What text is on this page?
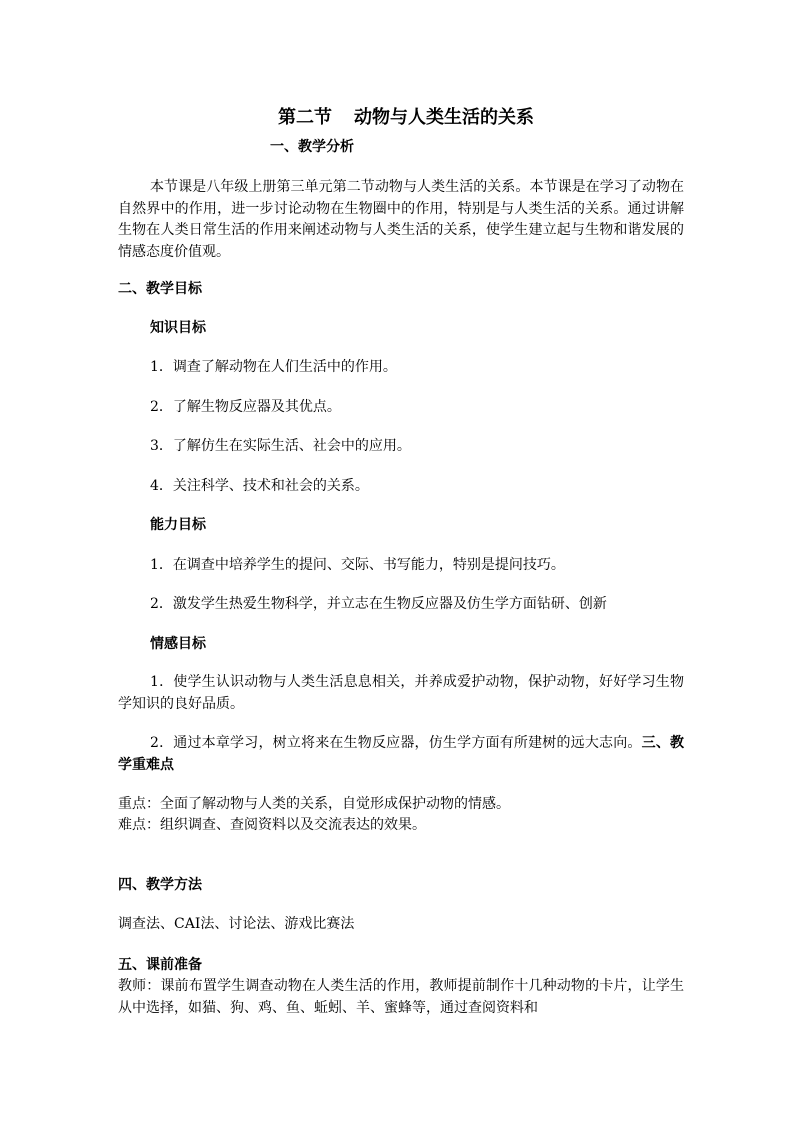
第二节 动物与人类生活的关系
一、教学分析
本节课是八年级上册第三单元第二节动物与人类生活的关系。本节课是在学习了动物在自然界中的作用，进一步讨论动物在生物圈中的作用，特别是与人类生活的关系。通过讲解生物在人类日常生活的作用来阐述动物与人类生活的关系，使学生建立起与生物和谐发展的情感态度价值观。
二、教学目标
知识目标
1．调查了解动物在人们生活中的作用。
2．了解生物反应器及其优点。
3．了解仿生在实际生活、社会中的应用。
4．关注科学、技术和社会的关系。
能力目标
1．在调查中培养学生的提问、交际、书写能力，特别是提问技巧。
2．激发学生热爱生物科学，并立志在生物反应器及仿生学方面钻研、创新
情感目标
1．使学生认识动物与人类生活息息相关，并养成爱护动物，保护动物，好好学习生物学知识的良好品质。
2．通过本章学习，树立将来在生物反应器，仿生学方面有所建树的远大志向。三、教学重难点
重点：全面了解动物与人类的关系，自觉形成保护动物的情感。
难点：组织调查、查阅资料以及交流表达的效果。
四、教学方法
调查法、CAI法、讨论法、游戏比赛法
五、课前准备
教师：课前布置学生调查动物在人类生活的作用，教师提前制作十几种动物的卡片，让学生从中选择，如猫、狗、鸡、鱼、蚯蚓、羊、蜜蜂等，通过查阅资料和
